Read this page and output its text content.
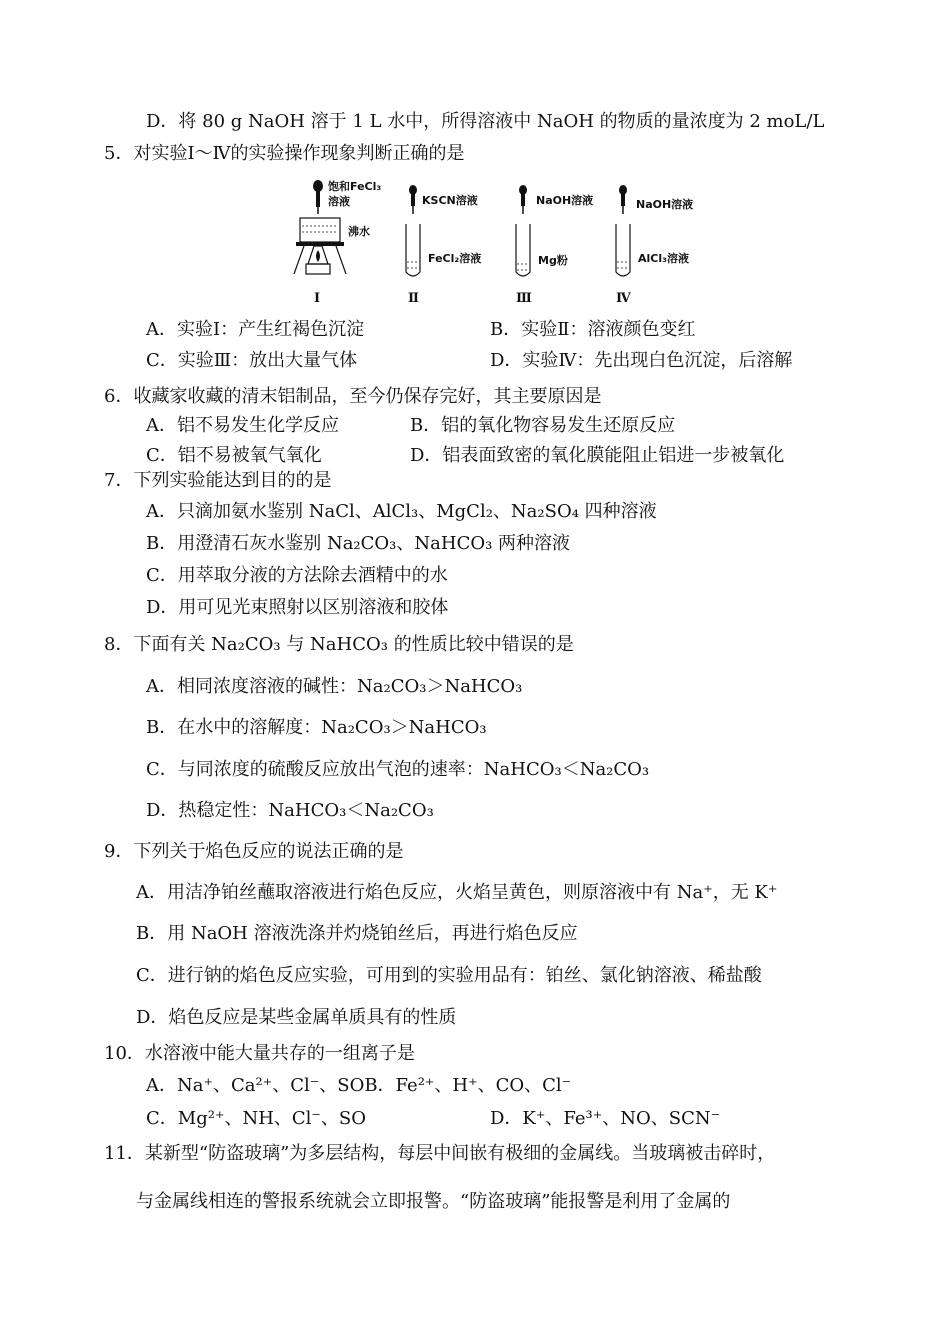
D．将 80 g NaOH 溶于 1 L 水中，所得溶液中 NaOH 的物质的量浓度为 2 moL/L
5．对实验Ⅰ～Ⅳ的实验操作现象判断正确的是
饱和FeCl₃
溶液
沸水
Ⅰ
KSCN溶液
FeCl₂溶液
Ⅱ
NaOH溶液
Mg粉
Ⅲ
NaOH溶液
AlCl₃溶液
Ⅳ
A．实验Ⅰ：产生红褐色沉淀	B．实验Ⅱ：溶液颜色变红
C．实验Ⅲ：放出大量气体	D．实验Ⅳ：先出现白色沉淀，后溶解
6．收藏家收藏的清末铝制品，至今仍保存完好，其主要原因是
A．铝不易发生化学反应	B．铝的氧化物容易发生还原反应
C．铝不易被氧气氧化	D．铝表面致密的氧化膜能阻止铝进一步被氧化
7．下列实验能达到目的的是
A．只滴加氨水鉴别 NaCl、AlCl₃、MgCl₂、Na₂SO₄ 四种溶液
B．用澄清石灰水鉴别 Na₂CO₃、NaHCO₃ 两种溶液
C．用萃取分液的方法除去酒精中的水
D．用可见光束照射以区别溶液和胶体
8．下面有关 Na₂CO₃ 与 NaHCO₃ 的性质比较中错误的是
A．相同浓度溶液的碱性：Na₂CO₃＞NaHCO₃
B．在水中的溶解度：Na₂CO₃＞NaHCO₃
C．与同浓度的硫酸反应放出气泡的速率：NaHCO₃＜Na₂CO₃
D．热稳定性：NaHCO₃＜Na₂CO₃
9．下列关于焰色反应的说法正确的是
A．用洁净铂丝蘸取溶液进行焰色反应，火焰呈黄色，则原溶液中有 Na⁺，无 K⁺
B．用 NaOH 溶液洗涤并灼烧铂丝后，再进行焰色反应
C．进行钠的焰色反应实验，可用到的实验用品有：铂丝、氯化钠溶液、稀盐酸
D．焰色反应是某些金属单质具有的性质
10．水溶液中能大量共存的一组离子是
A．Na⁺、Ca²⁺、Cl⁻、SOB．Fe²⁺、H⁺、CO、Cl⁻
C．Mg²⁺、NH、Cl⁻、SO	D．K⁺、Fe³⁺、NO、SCN⁻
11．某新型“防盗玻璃”为多层结构，每层中间嵌有极细的金属线。当玻璃被击碎时，
与金属线相连的警报系统就会立即报警。“防盗玻璃”能报警是利用了金属的
